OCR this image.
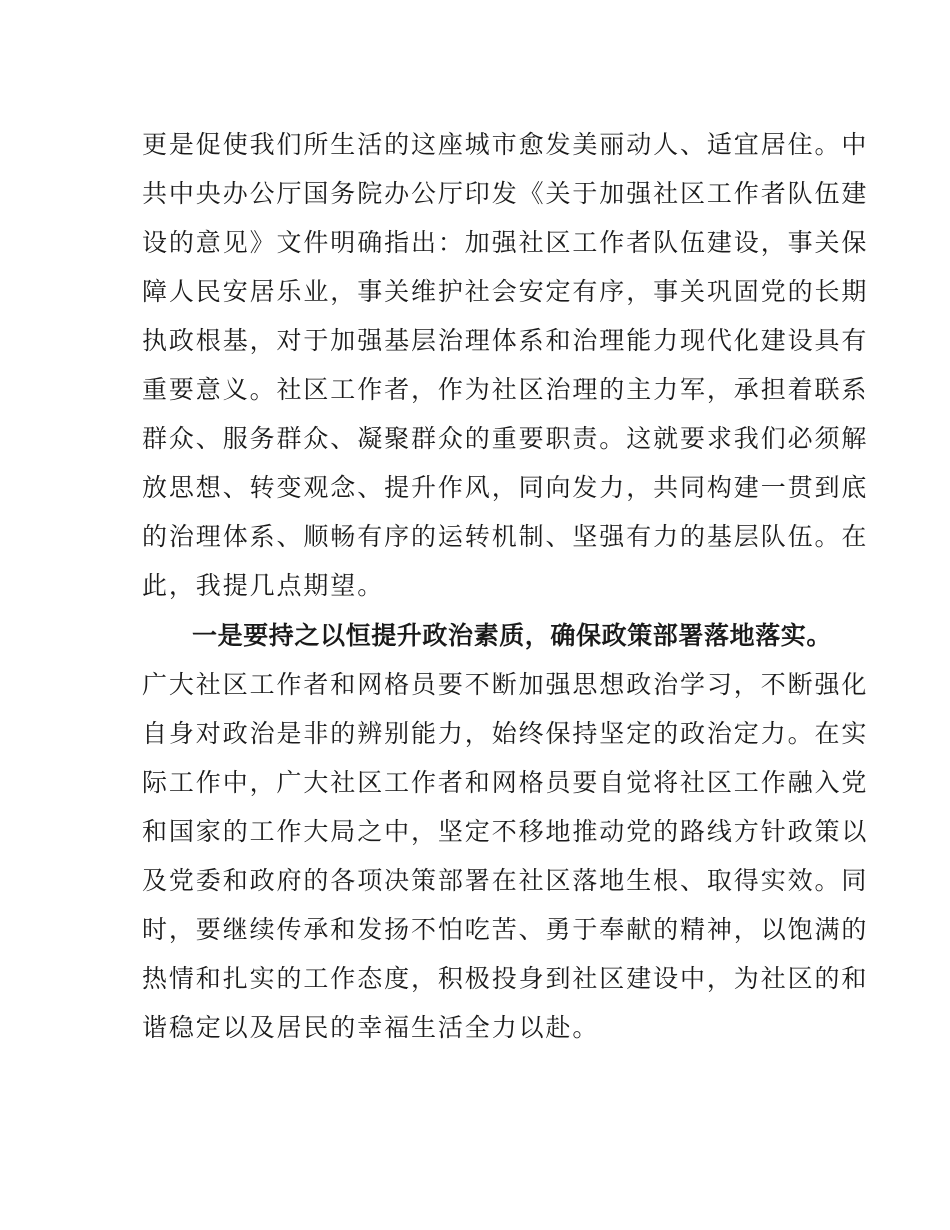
更是促使我们所生活的这座城市愈发美丽动人、适宜居住。中
共中央办公厅国务院办公厅印发《关于加强社区工作者队伍建
设的意见》文件明确指出：加强社区工作者队伍建设，事关保
障人民安居乐业，事关维护社会安定有序，事关巩固党的长期
执政根基，对于加强基层治理体系和治理能力现代化建设具有
重要意义。社区工作者，作为社区治理的主力军，承担着联系
群众、服务群众、凝聚群众的重要职责。这就要求我们必须解
放思想、转变观念、提升作风，同向发力，共同构建一贯到底
的治理体系、顺畅有序的运转机制、坚强有力的基层队伍。在
此，我提几点期望。
一是要持之以恒提升政治素质，确保政策部署落地落实。
广大社区工作者和网格员要不断加强思想政治学习，不断强化
自身对政治是非的辨别能力，始终保持坚定的政治定力。在实
际工作中，广大社区工作者和网格员要自觉将社区工作融入党
和国家的工作大局之中，坚定不移地推动党的路线方针政策以
及党委和政府的各项决策部署在社区落地生根、取得实效。同
时，要继续传承和发扬不怕吃苦、勇于奉献的精神，以饱满的
热情和扎实的工作态度，积极投身到社区建设中，为社区的和
谐稳定以及居民的幸福生活全力以赴。
